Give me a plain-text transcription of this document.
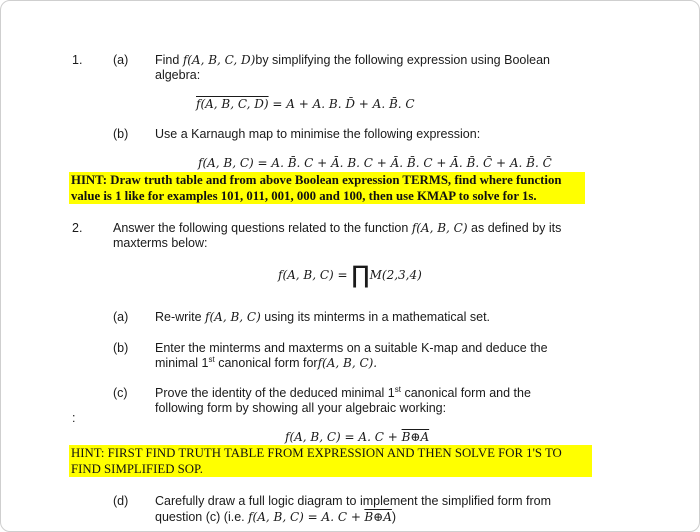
1. (a) Find f(A, B, C, D)by simplifying the following expression using Boolean
algebra:
f(A, B, C, D) = A + A. B. D̄ + A. B̄. C
(b) Use a Karnaugh map to minimise the following expression:
f(A, B, C) = A. B̄. C + Ā. B. C + Ā. B̄. C + Ā. B̄. C̄ + A. B̄. C̄
HINT: Draw truth table and from above Boolean expression TERMS, find where function
value is 1 like for examples 101, 011, 001, 000 and 100, then use KMAP to solve for 1s.
2. Answer the following questions related to the function f(A, B, C) as defined by its
maxterms below:
f(A, B, C) = ∏M(2,3,4)
(a) Re-write f(A, B, C) using its minterms in a mathematical set.
(b) Enter the minterms and maxterms on a suitable K-map and deduce the
minimal 1st canonical form forf(A, B, C).
(c) Prove the identity of the deduced minimal 1st canonical form and the
following form by showing all your algebraic working:
:
f(A, B, C) = A. C + B⊕A
HINT: FIRST FIND TRUTH TABLE FROM EXPRESSION AND THEN SOLVE FOR 1'S TO
FIND SIMPLIFIED SOP.
(d) Carefully draw a full logic diagram to implement the simplified form from
question (c) (i.e. f(A, B, C) = A. C + B⊕A)
